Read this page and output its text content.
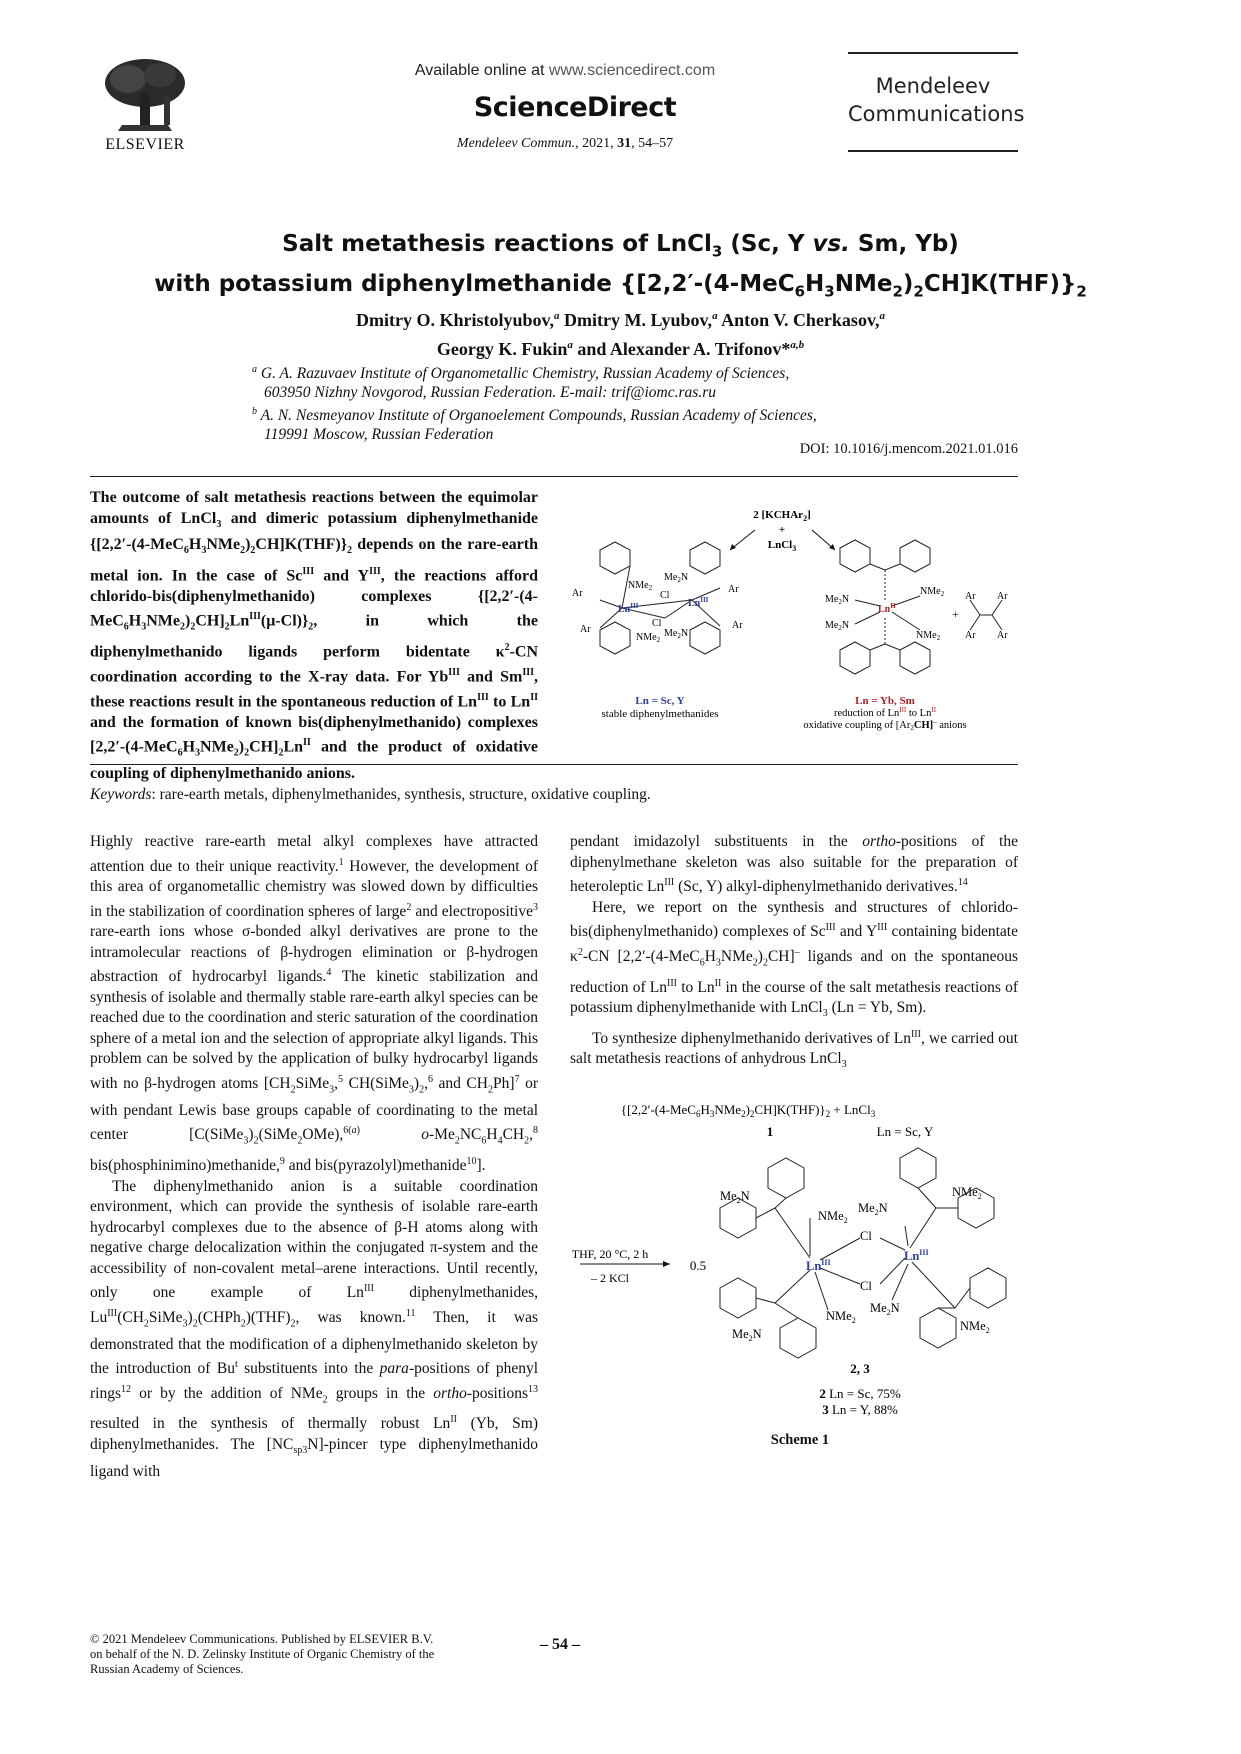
ELSEVIER
Available online at www.sciencedirect.com
ScienceDirect
Mendeleev Commun., 2021, 31, 54–57
Mendeleev
Communications
Salt metathesis reactions of LnCl$_3$ (Sc, Y vs. Sm, Yb)
with potassium diphenylmethanide $\{[2,2'-(4-MeC_6H_3NMe_2)_2CH]K(THF)\}_2$
Dmitry O. Khristolyubov,$^a$ Dmitry M. Lyubov,$^a$ Anton V. Cherkasov,$^a$
Georgy K. Fukin$^a$ and Alexander A. Trifonov*$^{a,b}$
$^a$ G. A. Razuvaev Institute of Organometallic Chemistry, Russian Academy of Sciences,
603950 Nizhny Novgorod, Russian Federation. E-mail: trif@iomc.ras.ru
$^b$ A. N. Nesmeyanov Institute of Organoelement Compounds, Russian Academy of Sciences,
119991 Moscow, Russian Federation
DOI: 10.1016/j.mencom.2021.01.016
The outcome of salt metathesis reactions between the equimolar amounts of LnCl$_3$ and dimeric potassium diphenylmethanide $\{[2,2'-(4-MeC_6H_3NMe_2)_2CH]K(THF)\}_2$ depends on the rare-earth metal ion. In the case of $Sc^{III}$ and $Y^{III}$, the reactions afford chlorido-bis(diphenylmethanido) complexes $\{[2,2'-(4-MeC_6H_3NMe_2)_2CH]_2Ln^{III}(\mu-Cl)\}_2$, in which the diphenylmethanido ligands perform bidentate $\kappa^2-CN$ coordination according to the X-ray data. For $Yb^{III}$ and $Sm^{III}$, these reactions result in the spontaneous reduction of $Ln^{III}$ to $Ln^{II}$ and the formation of known bis(diphenylmethanido) complexes $[2,2'-(4-MeC_6H_3NMe_2)_2CH]_2Ln^{II}$ and the product of oxidative coupling of diphenylmethanido anions.
2 [KCHAr$_2$]
+
LnCl$_3$
Ar
Ar
Ar
Ar
NMe$_2$
$Me_2N$
Cl
Cl
NMe$_2$
$Me_2N$
$Ln^{III}$	$Ln^{III}$
Ln = Sc, Y
stable diphenylmethanides
$Me_2N$
$Me_2N$
NMe$_2$
NMe$_2$
$Ln^{II}$
+
Ar Ar
Ar Ar
Ln = Yb, Sm
reduction of $Ln^{III}$ to $Ln^{II}$
oxidative coupling of [Ar2CH]– anions
Keywords: rare-earth metals, diphenylmethanides, synthesis, structure, oxidative coupling.

Highly reactive rare-earth metal alkyl complexes have attracted attention due to their unique reactivity.$^1$ However, the development of this area of organometallic chemistry was slowed down by difficulties in the stabilization of coordination spheres of large$^2$ and electropositive$^3$ rare-earth ions whose σ-bonded alkyl derivatives are prone to the intramolecular reactions of β-hydrogen elimination or β-hydrogen abstraction of hydrocarbyl ligands.$^4$ The kinetic stabilization and synthesis of isolable and thermally stable rare-earth alkyl species can be reached due to the coordination and steric saturation of the coordination sphere of a metal ion and the selection of appropriate alkyl ligands. This problem can be solved by the application of bulky hydrocarbyl ligands with no β-hydrogen atoms [$CH_2SiMe_3,^5$ $CH(SiMe_3)_2,^6$ and $CH_2Ph]^7$ or with pendant Lewis base groups capable of coordinating to the metal center [$C(SiMe_3)_2(SiMe_2OMe),^{6(a)}$	$o-Me_2NC_6H_4CH_2,^8$ bis(phosphinimino)methanide,$^9$ and bis(pyrazolyl)methanide$^{10}$].

The diphenylmethanido anion is a suitable coordination environment, which can provide the synthesis of isolable rare-earth hydrocarbyl complexes due to the absence of β-H atoms along with negative charge delocalization within the conjugated π-system and the accessibility of non-covalent metal–arene interactions. Until recently, only one example of $Ln^{III}$ diphenylmethanides, $Lu^{III}(CH_2SiMe_3)_2(CHPh_2)(THF)_2$, was known.$^{11}$ Then, it was demonstrated that the modification of a diphenylmethanido skeleton by the introduction of Bu$^t$ substituents into the para-positions of phenyl rings$^{12}$ or by the addition of NMe$_2$ groups in the ortho-positions$^{13}$ resulted in the synthesis of thermally robust $Ln^{II}$ (Yb, Sm) diphenylmethanides. The $[NC_{sp3}N]$-pincer type diphenylmethanido ligand with

pendant imidazolyl substituents in the ortho-positions of the diphenylmethane skeleton was also suitable for the preparation of heteroleptic $Ln^{III}$ (Sc, Y) alkyl-diphenylmethanido derivatives.$^{14}$

Here, we report on the synthesis and structures of chlorido-bis(diphenylmethanido) complexes of $Sc^{III}$ and $Y^{III}$ containing bidentate $\kappa^2-CN$ $[2,2'-(4-MeC_6H_3NMe_2)_2CH]^-$ ligands and on the spontaneous reduction of $Ln^{III}$ to $Ln^{II}$ in the course of the salt metathesis reactions of potassium diphenylmethanide with LnCl$_3$ (Ln = Yb, Sm).

To synthesize diphenylmethanido derivatives of $Ln^{III}$, we carried out salt metathesis reactions of anhydrous LnCl$_3$

$\{[2,2'-(4-MeC_6H_3NMe_2)_2CH]K(THF)\}_2$ + LnCl$_3$
1	Ln = Sc, Y
THF, 20 °C, 2 h
– 2 KCl
0.5
$Me_2N$
NMe$_2$
$Me_2N$
NMe$_2$
Cl
Cl
$Ln^{III}$	$Ln^{III}$
NMe$_2$
$Me_2N$
$Me_2N$
NMe$_2$
2, 3
2 Ln = Sc, 75%
3 Ln = Y, 88%
Scheme 1
© 2021 Mendeleev Communications. Published by ELSEVIER B.V.
on behalf of the N. D. Zelinsky Institute of Organic Chemistry of the
Russian Academy of Sciences.
– 54 –
